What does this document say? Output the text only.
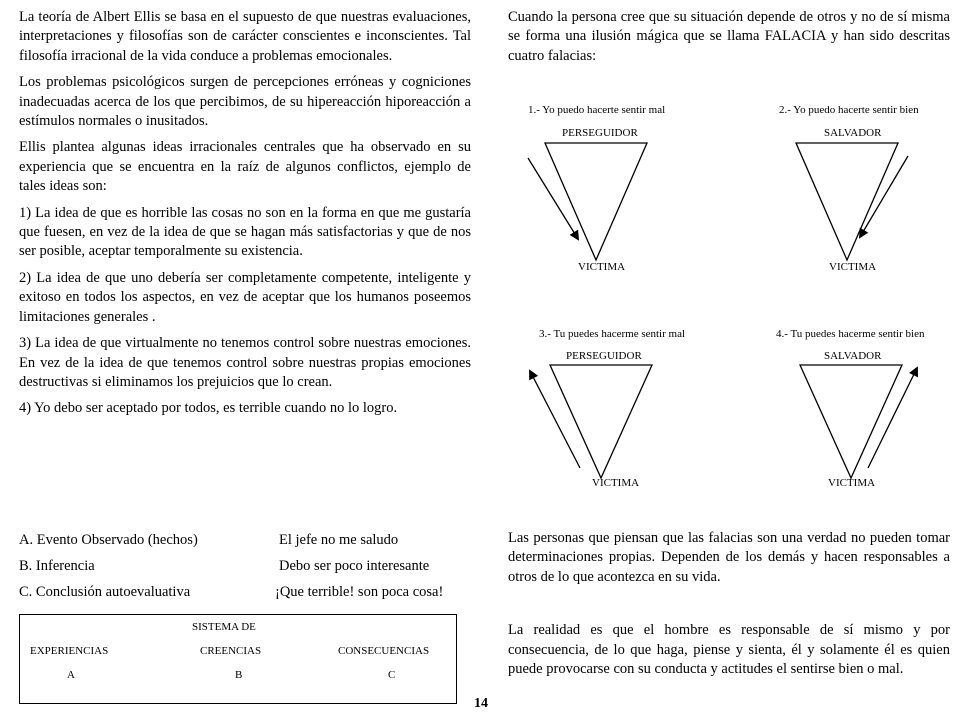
La teoría de Albert Ellis se basa en el supuesto de que nuestras evaluaciones, interpretaciones y filosofías son de carácter conscientes e inconscientes. Tal filosofía irracional de la vida conduce a problemas emocionales.

Los problemas psicológicos surgen de percepciones erróneas y cogniciones inadecuadas acerca de los que percibimos, de su hipereacción hiporeacción a estímulos normales o inusitados.

Ellis plantea algunas ideas irracionales centrales que ha observado en su experiencia que se encuentra en la raíz de algunos conflictos, ejemplo de tales ideas son:

1) La idea de que es horrible las cosas no son en la forma en que me gustaría que fuesen, en vez de la idea de que se hagan más satisfactorias y que de nos ser posible, aceptar temporalmente su existencia.

2) La idea de que uno debería ser completamente competente, inteligente y exitoso en todos los aspectos, en vez de aceptar que los humanos poseemos limitaciones generales .

3) La idea de que virtualmente no tenemos control sobre nuestras emociones. En vez de la idea de que tenemos control sobre nuestras propias emociones destructivas si eliminamos los prejuicios que lo crean.

4) Yo debo ser aceptado por todos, es terrible cuando no lo logro.

A. Evento Observado (hechos)	El jefe no me saludo
B. Inferencia	Debo ser poco interesante
C. Conclusión autoevaluativa	¡Que terrible! son poca cosa!
SISTEMA DE
EXPERIENCIAS	CREENCIAS	CONSECUENCIAS
A	B	C
14

Cuando la persona cree que su situación depende de otros y no de sí misma se forma una ilusión mágica que se llama FALACIA y han sido descritas cuatro falacias:

1.- Yo puedo hacerte sentir mal
PERSEGUIDOR
VICTIMA
2.- Yo puedo hacerte sentir bien
SALVADOR
VICTIMA
3.- Tu puedes hacerme sentir mal
PERSEGUIDOR
VICTIMA
4.- Tu puedes hacerme sentir bien
SALVADOR
VICTIMA

Las personas que piensan que las falacias son una verdad no pueden tomar determinaciones propias. Dependen de los demás y hacen responsables a otros de lo que acontezca en su vida.

La realidad es que el hombre es responsable de sí mismo y por consecuencia, de lo que haga, piense y sienta, él y solamente él es quien puede provocarse con su conducta y actitudes el sentirse bien o mal.
